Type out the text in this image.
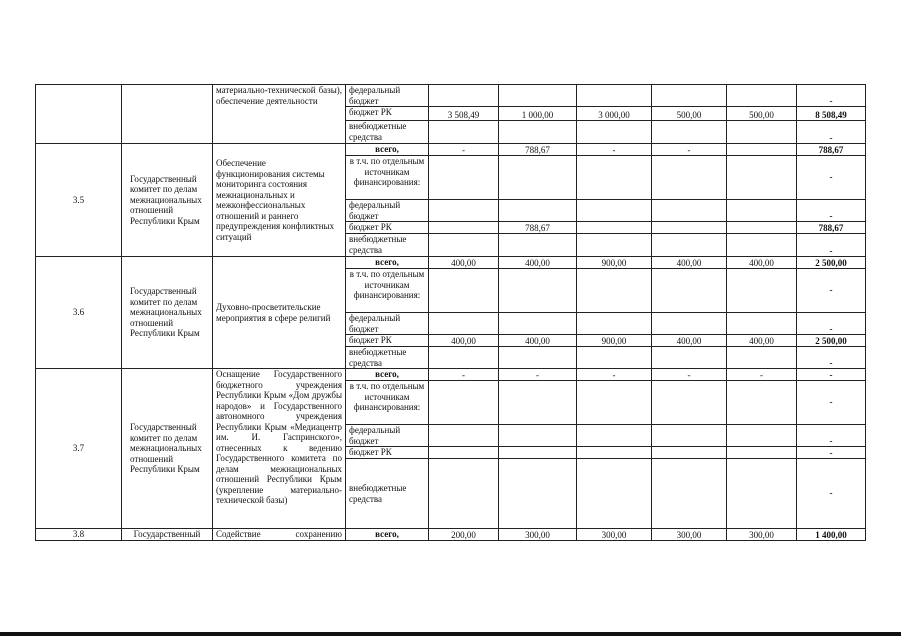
		материально-технической базы), обеспечение деятельности	федеральный бюджет						-
			бюджет РК	3 508,49	1 000,00	3 000,00	500,00	500,00	8 508,49
			внебюджетные средства						-
3.5	Государственный комитет по делам межнациональных отношений Республики Крым	Обеспечение функционирования системы мониторинга состояния межнациональных и межконфессиональных отношений и раннего предупреждения конфликтных ситуаций	всего,	-	788,67	-	-		788,67
			в т.ч. по отдельным источникам финансирования:						-
			федеральный бюджет						-
			бюджет РК		788,67				788,67
			внебюджетные средства						-
3.6	Государственный комитет по делам межнациональных отношений Республики Крым	Духовно-просветительские мероприятия в сфере религий	всего,	400,00	400,00	900,00	400,00	400,00	2 500,00
			в т.ч. по отдельным источникам финансирования:						-
			федеральный бюджет						-
			бюджет РК	400,00	400,00	900,00	400,00	400,00	2 500,00
			внебюджетные средства						-
3.7	Государственный комитет по делам межнациональных отношений Республики Крым	Оснащение Государственного бюджетного учреждения Республики Крым «Дом дружбы народов» и Государственного автономного учреждения Республики Крым «Медиацентр им. И. Гаспринского», отнесенных к ведению Государственного комитета по делам межнациональных отношений Республики Крым (укрепление материально-технической базы)	всего,	-	-	-	-	-	-
			в т.ч. по отдельным источникам финансирования:						-
			федеральный бюджет						-
			бюджет РК						-
			внебюджетные средства						-
3.8	Государственный	Содействие сохранению	всего,	200,00	300,00	300,00	300,00	300,00	1 400,00
